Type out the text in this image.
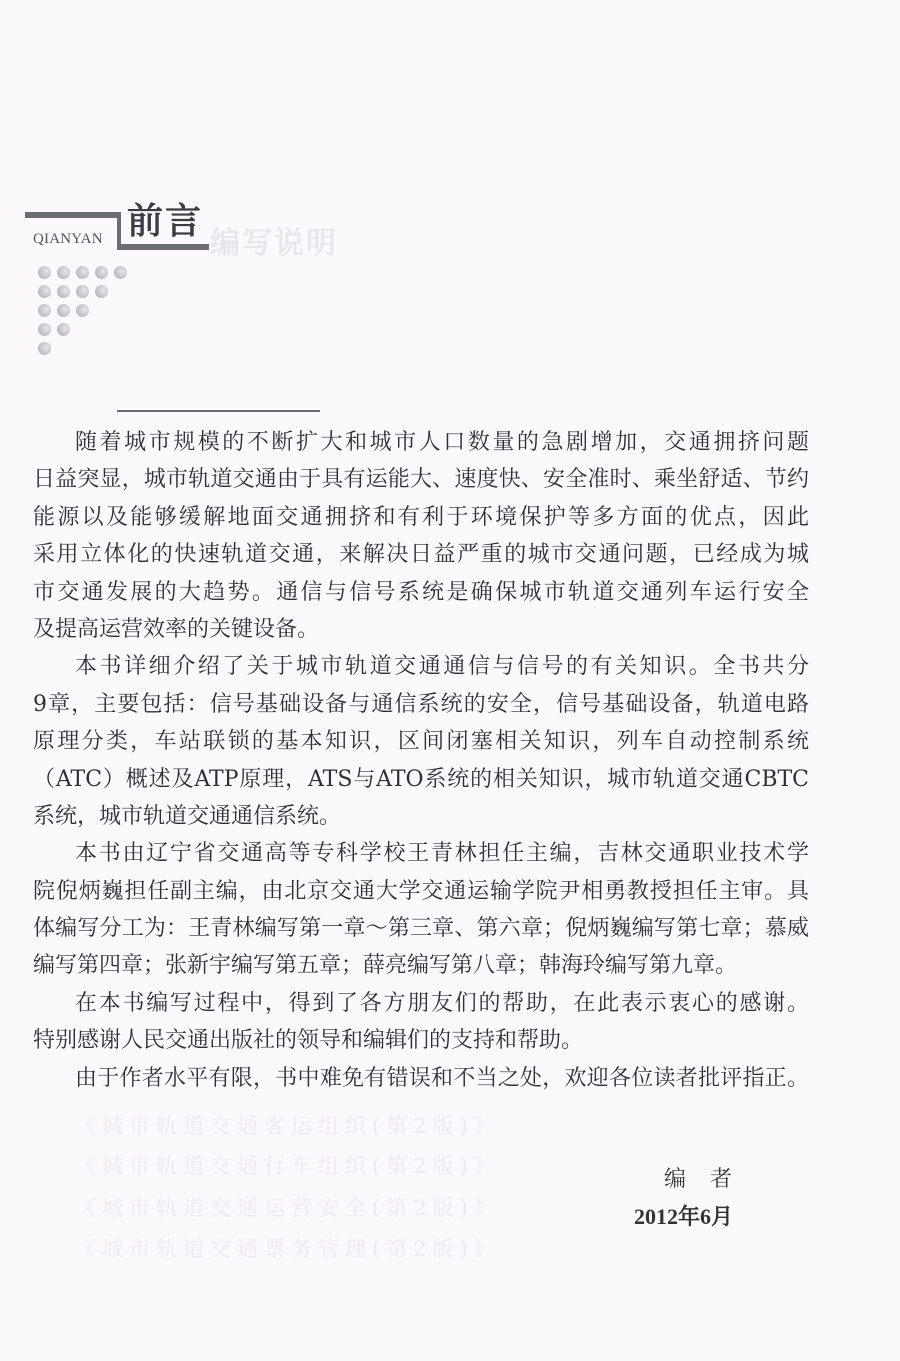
编写说明
前言
QIANYAN
《城市轨道交通客运组织(第2版)》
《城市轨道交通行车组织(第2版)》
《城市轨道交通运营安全(第2版)》
《城市轨道交通票务管理(第2版)》
随着城市规模的不断扩大和城市人口数量的急剧增加，交通拥挤问题
日益突显，城市轨道交通由于具有运能大、速度快、安全准时、乘坐舒适、节约
能源以及能够缓解地面交通拥挤和有利于环境保护等多方面的优点，因此
采用立体化的快速轨道交通，来解决日益严重的城市交通问题，已经成为城
市交通发展的大趋势。通信与信号系统是确保城市轨道交通列车运行安全
及提高运营效率的关键设备。
本书详细介绍了关于城市轨道交通通信与信号的有关知识。全书共分
9章，主要包括：信号基础设备与通信系统的安全，信号基础设备，轨道电路
原理分类，车站联锁的基本知识，区间闭塞相关知识，列车自动控制系统
（ATC）概述及ATP原理，ATS与ATO系统的相关知识，城市轨道交通CBTC
系统，城市轨道交通通信系统。
本书由辽宁省交通高等专科学校王青林担任主编，吉林交通职业技术学
院倪炳巍担任副主编，由北京交通大学交通运输学院尹相勇教授担任主审。具
体编写分工为：王青林编写第一章～第三章、第六章；倪炳巍编写第七章；慕威
编写第四章；张新宇编写第五章；薛亮编写第八章；韩海玲编写第九章。
在本书编写过程中，得到了各方朋友们的帮助，在此表示衷心的感谢。
特别感谢人民交通出版社的领导和编辑们的支持和帮助。
由于作者水平有限，书中难免有错误和不当之处，欢迎各位读者批评指正。
编者
2012年6月
